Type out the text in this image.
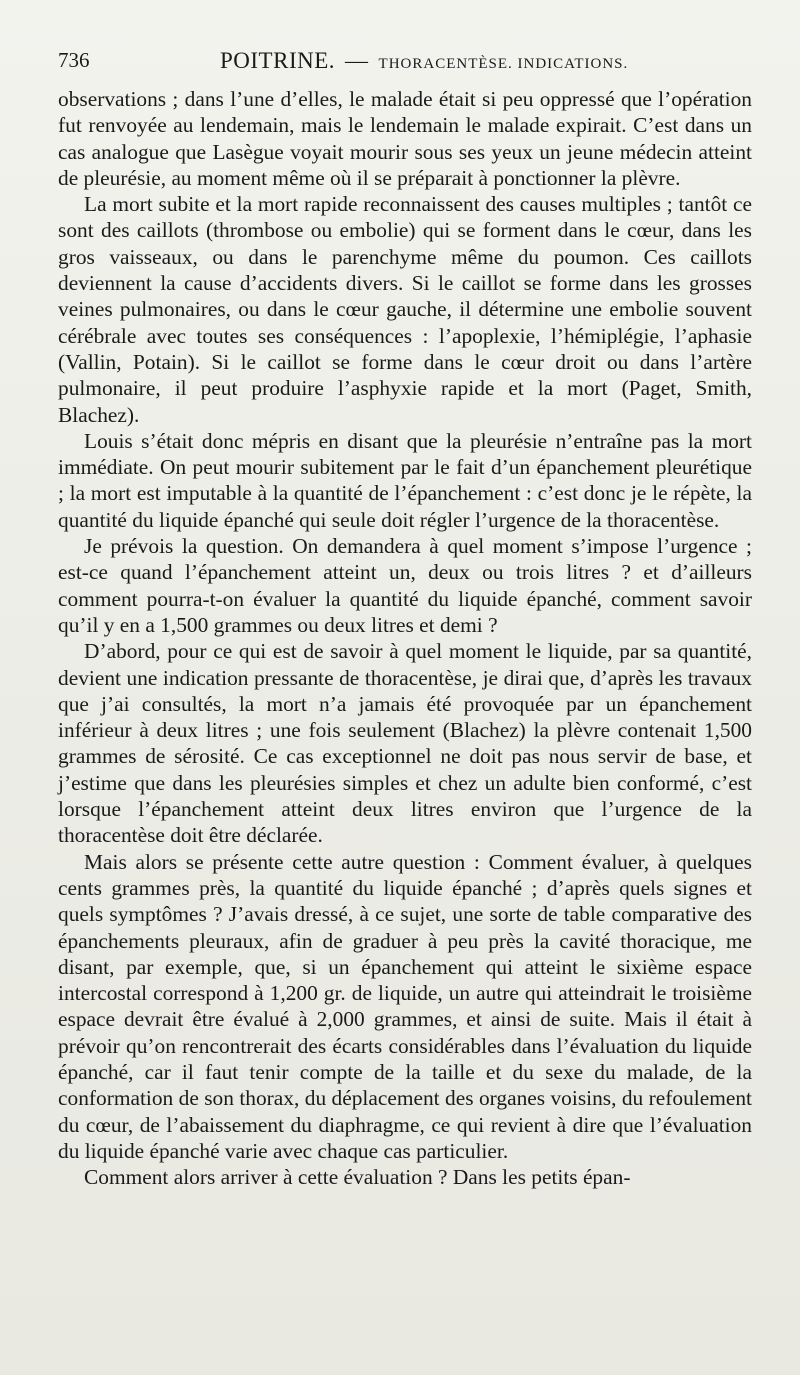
736	POITRINE. — THORACENTÈSE. INDICATIONS.

observations ; dans l’une d’elles, le malade était si peu oppressé que l’opération fut renvoyée au lendemain, mais le lendemain le malade expirait. C’est dans un cas analogue que Lasègue voyait mourir sous ses yeux un jeune médecin atteint de pleurésie, au moment même où il se préparait à ponctionner la plèvre.

La mort subite et la mort rapide reconnaissent des causes multiples ; tantôt ce sont des caillots (thrombose ou embolie) qui se forment dans le cœur, dans les gros vaisseaux, ou dans le parenchyme même du poumon. Ces caillots deviennent la cause d’accidents divers. Si le caillot se forme dans les grosses veines pulmonaires, ou dans le cœur gauche, il détermine une embolie souvent cérébrale avec toutes ses conséquences : l’apoplexie, l’hémiplégie, l’aphasie (Vallin, Potain). Si le caillot se forme dans le cœur droit ou dans l’artère pulmonaire, il peut produire l’asphyxie rapide et la mort (Paget, Smith, Blachez).

Louis s’était donc mépris en disant que la pleurésie n’entraîne pas la mort immédiate. On peut mourir subitement par le fait d’un épanchement pleurétique ; la mort est imputable à la quantité de l’épanchement : c’est donc je le répète, la quantité du liquide épanché qui seule doit régler l’urgence de la thoracentèse.

Je prévois la question. On demandera à quel moment s’impose l’urgence ; est-ce quand l’épanchement atteint un, deux ou trois litres ? et d’ailleurs comment pourra-t-on évaluer la quantité du liquide épanché, comment savoir qu’il y en a 1,500 grammes ou deux litres et demi ?

D’abord, pour ce qui est de savoir à quel moment le liquide, par sa quantité, devient une indication pressante de thoracentèse, je dirai que, d’après les travaux que j’ai consultés, la mort n’a jamais été provoquée par un épanchement inférieur à deux litres ; une fois seulement (Blachez) la plèvre contenait 1,500 grammes de sérosité. Ce cas exceptionnel ne doit pas nous servir de base, et j’estime que dans les pleurésies simples et chez un adulte bien conformé, c’est lorsque l’épanchement atteint deux litres environ que l’urgence de la thoracentèse doit être déclarée.

Mais alors se présente cette autre question : Comment évaluer, à quelques cents grammes près, la quantité du liquide épanché ; d’après quels signes et quels symptômes ? J’avais dressé, à ce sujet, une sorte de table comparative des épanchements pleuraux, afin de graduer à peu près la cavité thoracique, me disant, par exemple, que, si un épanchement qui atteint le sixième espace intercostal correspond à 1,200 gr. de liquide, un autre qui atteindrait le troisième espace devrait être évalué à 2,000 grammes, et ainsi de suite. Mais il était à prévoir qu’on rencontrerait des écarts considérables dans l’évaluation du liquide épanché, car il faut tenir compte de la taille et du sexe du malade, de la conformation de son thorax, du déplacement des organes voisins, du refoulement du cœur, de l’abaissement du diaphragme, ce qui revient à dire que l’évaluation du liquide épanché varie avec chaque cas particulier.

Comment alors arriver à cette évaluation ? Dans les petits épan-
